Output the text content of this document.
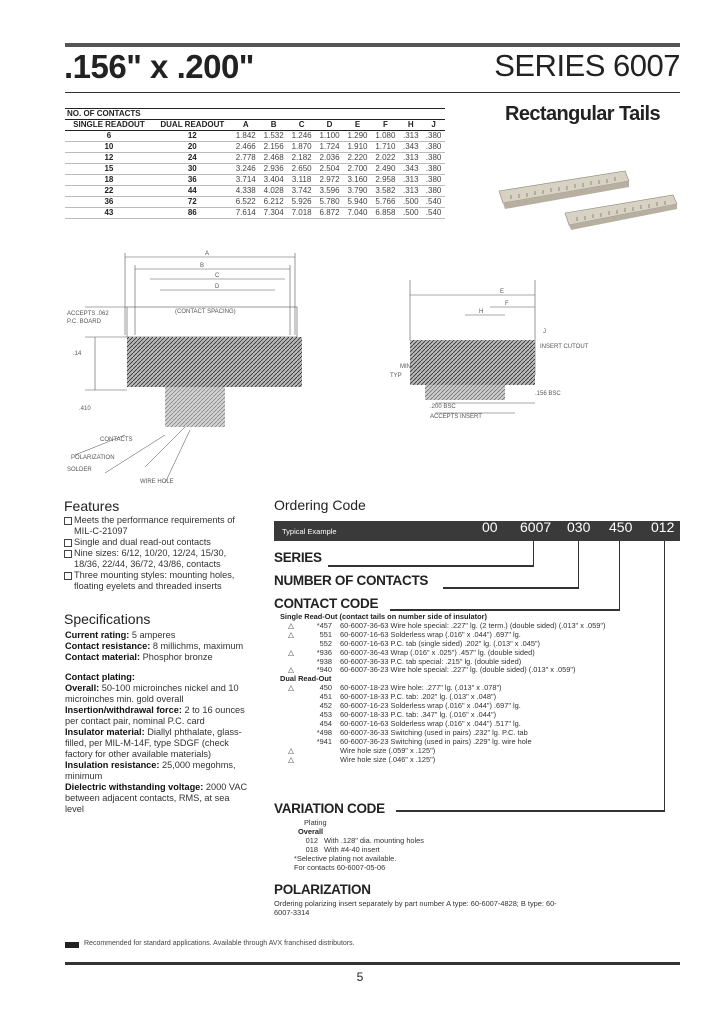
.156" x .200"	SERIES 6007
NO. OF CONTACTS									
SINGLE READOUT	DUAL READOUT	A	B	C	D	E	F	H	J
6	12	1.842	1.532	1.246	1.100	1.290	1.080	.313	.380
10	20	2.466	2.156	1.870	1.724	1.910	1.710	.343	.380
12	24	2.778	2.468	2.182	2.036	2.220	2.022	.313	.380
15	30	3.246	2.936	2.650	2.504	2.700	2.490	.343	.380
18	36	3.714	3.404	3.118	2.972	3.160	2.958	.313	.380
22	44	4.338	4.028	3.742	3.596	3.790	3.582	.313	.380
36	72	6.522	6.212	5.926	5.780	5.940	5.766	.500	.540
43	86	7.614	7.304	7.018	6.872	7.040	6.858	.500	.540
Rectangular Tails
A
B
C
D
(CONTACT SPACING)
ACCEPTS .062
P.C. BOARD
.14
.410
CONTACTS
POLARIZATION
SOLDER
WIRE HOLE
E
F
H
J
INSERT CUTOUT
MIN
.156 BSC
.200 BSC
ACCEPTS INSERT
TYP
Features
Meets the performance requirements of MIL-C-21097
Single and dual read-out contacts
Nine sizes: 6/12, 10/20, 12/24, 15/30, 18/36, 22/44, 36/72, 43/86, contacts
Three mounting styles: mounting holes, floating eyelets and threaded inserts
Specifications
Current rating: 5 amperes
Contact resistance: 8 millichms, maximum
Contact material: Phosphor bronze
Contact plating:
Overall: 50-100 microinches nickel and 10 microinches min. gold overall
Insertion/withdrawal force: 2 to 16 ounces per contact pair, nominal P.C. card
Insulator material: Diallyl phthalate, glass-filled, per MIL-M-14F, type SDGF (check factory for other available materials)
Insulation resistance: 25,000 megohms, minimum
Dielectric withstanding voltage: 2000 VAC between adjacent contacts, RMS, at sea level
Ordering Code
Typical Example	00 6007 030 450 012
SERIES
NUMBER OF CONTACTS
CONTACT CODE
Single Read-Out (contact tails on number side of insulator)
△	*457	60-6007-36-63 Wire hole special: .227" lg. (2 term.) (double sided) (.013" x .059")
△	551	60-6007-16-63 Solderless wrap (.016" x .044") .697" lg.
552	60-6007-16-63 P.C. tab (single sided) .202" lg. (.013" x .045")
△	*936	60-6007-36-43 Wrap (.016" x .025") .457" lg. (double sided)
*938	60-6007-36-33 P.C. tab special: .215" lg. (double sided)
△	*940	60-6007-36-23 Wire hole special: .227" lg. (double sided) (.013" x .059")
Dual Read-Out
△	450	60-6007-18-23 Wire hole: .277" lg. (.013" x .078")
451	60-6007-18-33 P.C. tab: .202" lg. (.013" x .048")
452	60-6007-16-23 Solderless wrap (.016" x .044") .697" lg.
453	60-6007-18-33 P.C. tab: .347" lg. (.016" x .044")
454	60-6007-16-63 Solderless wrap (.016" x .044") .517" lg.
*498	60-6007-36-33 Switching (used in pairs) .232" lg. P.C. tab
*941	60-6007-36-23 Switching (used in pairs) .229" lg. wire hole
△	Wire hole size (.059" x .125")
△	Wire hole size (.046" x .125")
VARIATION CODE
Plating
Overall
012 With .128" dia. mounting holes
018 With #4-40 insert
*Selective plating not available.
For contacts 60-6007-05-06
POLARIZATION
Ordering polarizing insert separately by part number A type: 60-6007-4828; B type: 60-6007-3314
Recommended for standard applications. Available through AVX franchised distributors.
5
